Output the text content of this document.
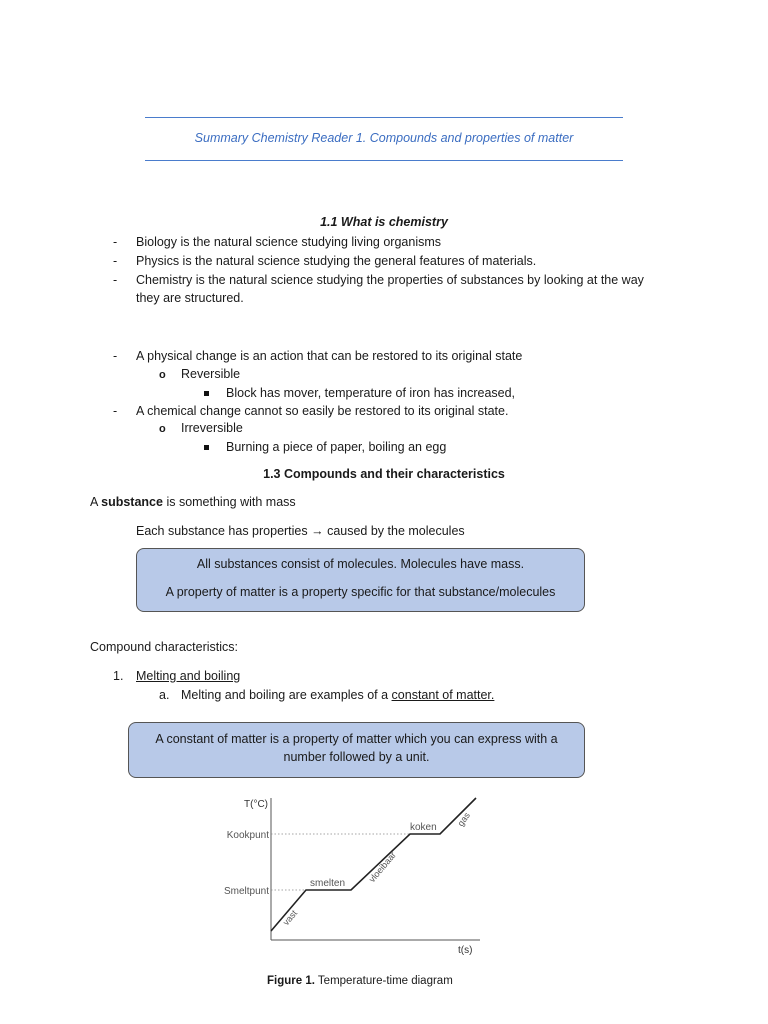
Summary Chemistry Reader 1. Compounds and properties of matter
1.1 What is chemistry
- Biology is the natural science studying living organisms
- Physics is the natural science studying the general features of materials.
- Chemistry is the natural science studying the properties of substances by looking at the way
they are structured.
- A physical change is an action that can be restored to its original state
o Reversible
Block has mover, temperature of iron has increased,
- A chemical change cannot so easily be restored to its original state.
o Irreversible
Burning a piece of paper, boiling an egg
1.3 Compounds and their characteristics
A substance is something with mass
Each substance has properties → caused by the molecules
All substances consist of molecules. Molecules have mass.
A property of matter is a property specific for that substance/molecules
Compound characteristics:
1. Melting and boiling
a. Melting and boiling are examples of a constant of matter.
A constant of matter is a property of matter which you can express with a
number followed by a unit.
T(°C)
t(s)
Kookpunt
Smeltpunt
vast
smelten vloeibaar
koken gas
Figure 1. Temperature-time diagram
